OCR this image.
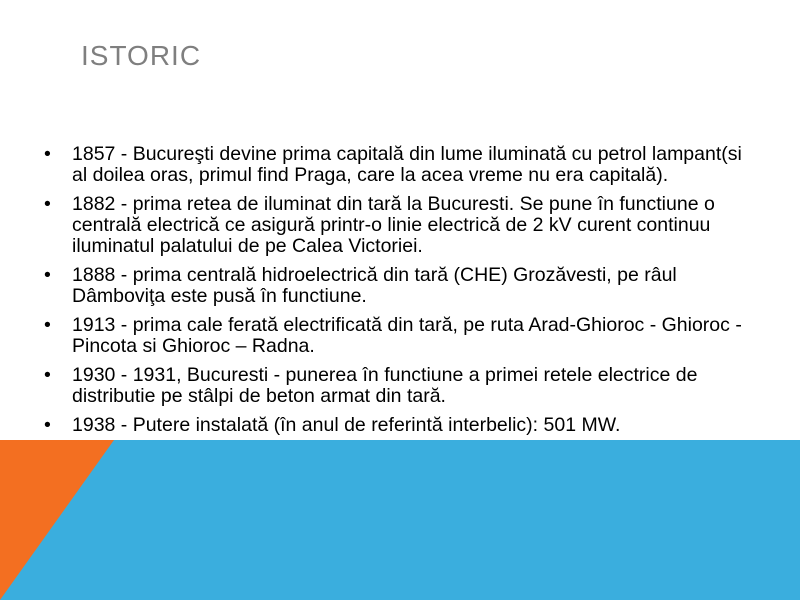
ISTORIC
• 1857 - Bucureşti devine prima capitală din lume iluminată cu petrol lampant(si al doilea oras, primul find Praga, care la acea vreme nu era capitală).
• 1882 - prima retea de iluminat din tară la Bucuresti. Se pune în functiune o centrală electrică ce asigură printr-o linie electrică de 2 kV curent continuu iluminatul palatului de pe Calea Victoriei.
• 1888 - prima centrală hidroelectrică din tară (CHE) Grozăvesti, pe râul Dâmboviţa este pusă în functiune.
• 1913 - prima cale ferată electrificată din tară, pe ruta Arad-Ghioroc - Ghioroc - Pincota si Ghioroc – Radna.
• 1930 - 1931, Bucuresti - punerea în functiune a primei retele electrice de distributie pe stâlpi de beton armat din tară.
• 1938 - Putere instalată (în anul de referintă interbelic): 501 MW.
